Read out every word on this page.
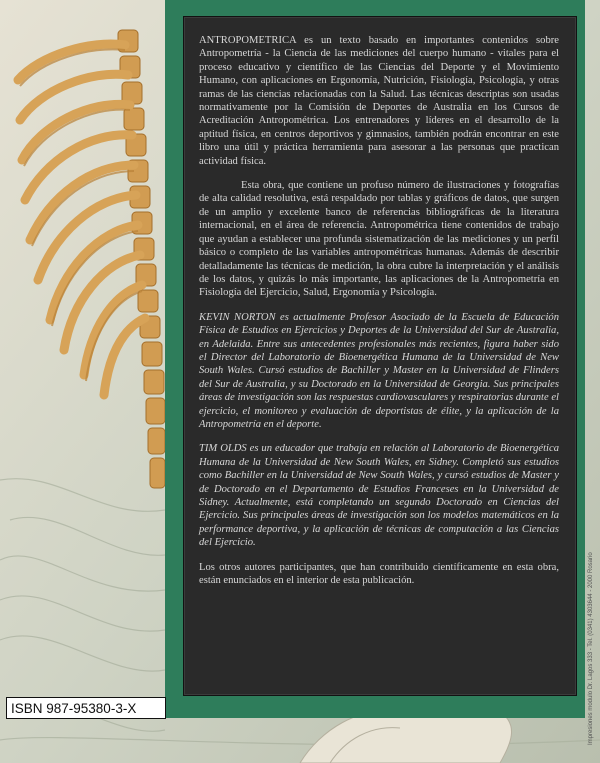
ANTROPOMETRICA es un texto basado en importantes contenidos sobre Antropometría - la Ciencia de las mediciones del cuerpo humano - vitales para el proceso educativo y científico de las Ciencias del Deporte y el Movimiento Humano, con aplicaciones en Ergonomía, Nutrición, Fisiología, Psicología, y otras ramas de las ciencias relacionadas con la Salud. Las técnicas descriptas son usadas normativamente por la Comisión de Deportes de Australia en los Cursos de Acreditación Antropométrica. Los entrenadores y líderes en el desarrollo de la aptitud física, en centros deportivos y gimnasios, también podrán encontrar en este libro una útil y práctica herramienta para asesorar a las personas que practican actividad física.

Esta obra, que contiene un profuso número de ilustraciones y fotografías de alta calidad resolutiva, está respaldado por tablas y gráficos de datos, que surgen de un amplio y excelente banco de referencias bibliográficas de la literatura internacional, en el área de referencia. Antropométrica tiene contenidos de trabajo que ayudan a establecer una profunda sistematización de las mediciones y un perfil básico o completo de las variables antropométricas humanas. Además de describir detalladamente las técnicas de medición, la obra cubre la interpretación y el análisis de los datos, y quizás lo más importante, las aplicaciones de la Antropometría en Fisiología del Ejercicio, Salud, Ergonomía y Psicología.

KEVIN NORTON es actualmente Profesor Asociado de la Escuela de Educación Física de Estudios en Ejercicios y Deportes de la Universidad del Sur de Australia, en Adelaida. Entre sus antecedentes profesionales más recientes, figura haber sido el Director del Laboratorio de Bioenergética Humana de la Universidad de New South Wales. Cursó estudios de Bachiller y Master en la Universidad de Flinders del Sur de Australia, y su Doctorado en la Universidad de Georgia. Sus principales áreas de investigación son las respuestas cardiovasculares y respiratorias durante el ejercicio, el monitoreo y evaluación de deportistas de élite, y la aplicación de la Antropometría en el deporte.

TIM OLDS es un educador que trabaja en relación al Laboratorio de Bioenergética Humana de la Universidad de New South Wales, en Sidney. Completó sus estudios como Bachiller en la Universidad de New South Wales, y cursó estudios de Master y de Doctorado en el Departamento de Estudios Franceses en la Universidad de Sidney. Actualmente, está completando un segundo Doctorado en Ciencias del Ejercicio. Sus principales áreas de investigación son los modelos matemáticos en la performance deportiva, y la aplicación de técnicas de computación a las Ciencias del Ejercicio.

Los otros autores participantes, que han contribuido científicamente en esta obra, están enunciados en el interior de esta publicación.

ISBN 987-95380-3-X	Impresiones modulo Dr. Lagos 333 - Tel. (0341) 4303644 - 2000 Rosario
